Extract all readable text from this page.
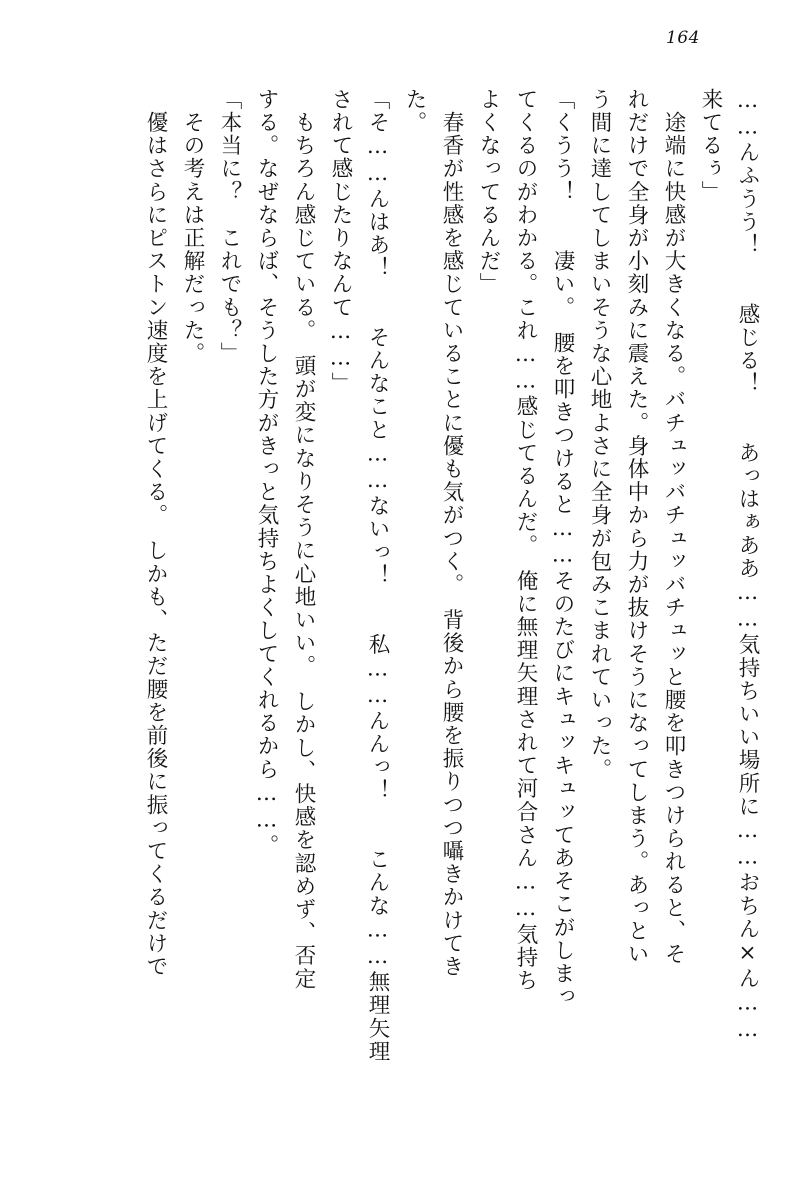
164
……んふうう！　　感じる！　　あっはぁああ……気持ちいい場所に……おちん×ん……
来てるぅ」
　途端に快感が大きくなる。バチュッバチュッバチュッと腰を叩きつけられると、そ
れだけで全身が小刻みに震えた。身体中から力が抜けそうになってしまう。あっとい
う間に達してしまいそうな心地よさに全身が包みこまれていった。
「くうう！　　凄い。　腰を叩きつけると……そのたびにキュッキュッてあそこがしまっ
てくるのがわかる。これ……感じてるんだ。　俺に無理矢理されて河合さん……気持ち
よくなってるんだ」
　春香が性感を感じていることに優も気がつく。　背後から腰を振りつつ囁きかけてき
た。
「そ……んはあ！　　そんなこと……ないっ！　　私……んんっ！　　こんな……無理矢理
されて感じたりなんて……」
　もちろん感じている。　頭が変になりそうに心地いい。　しかし、快感を認めず、否定
する。なぜならば、そうした方がきっと気持ちよくしてくれるから……。
「本当に？　これでも？」
　その考えは正解だった。
　優はさらにピストン速度を上げてくる。　しかも、ただ腰を前後に振ってくるだけで
